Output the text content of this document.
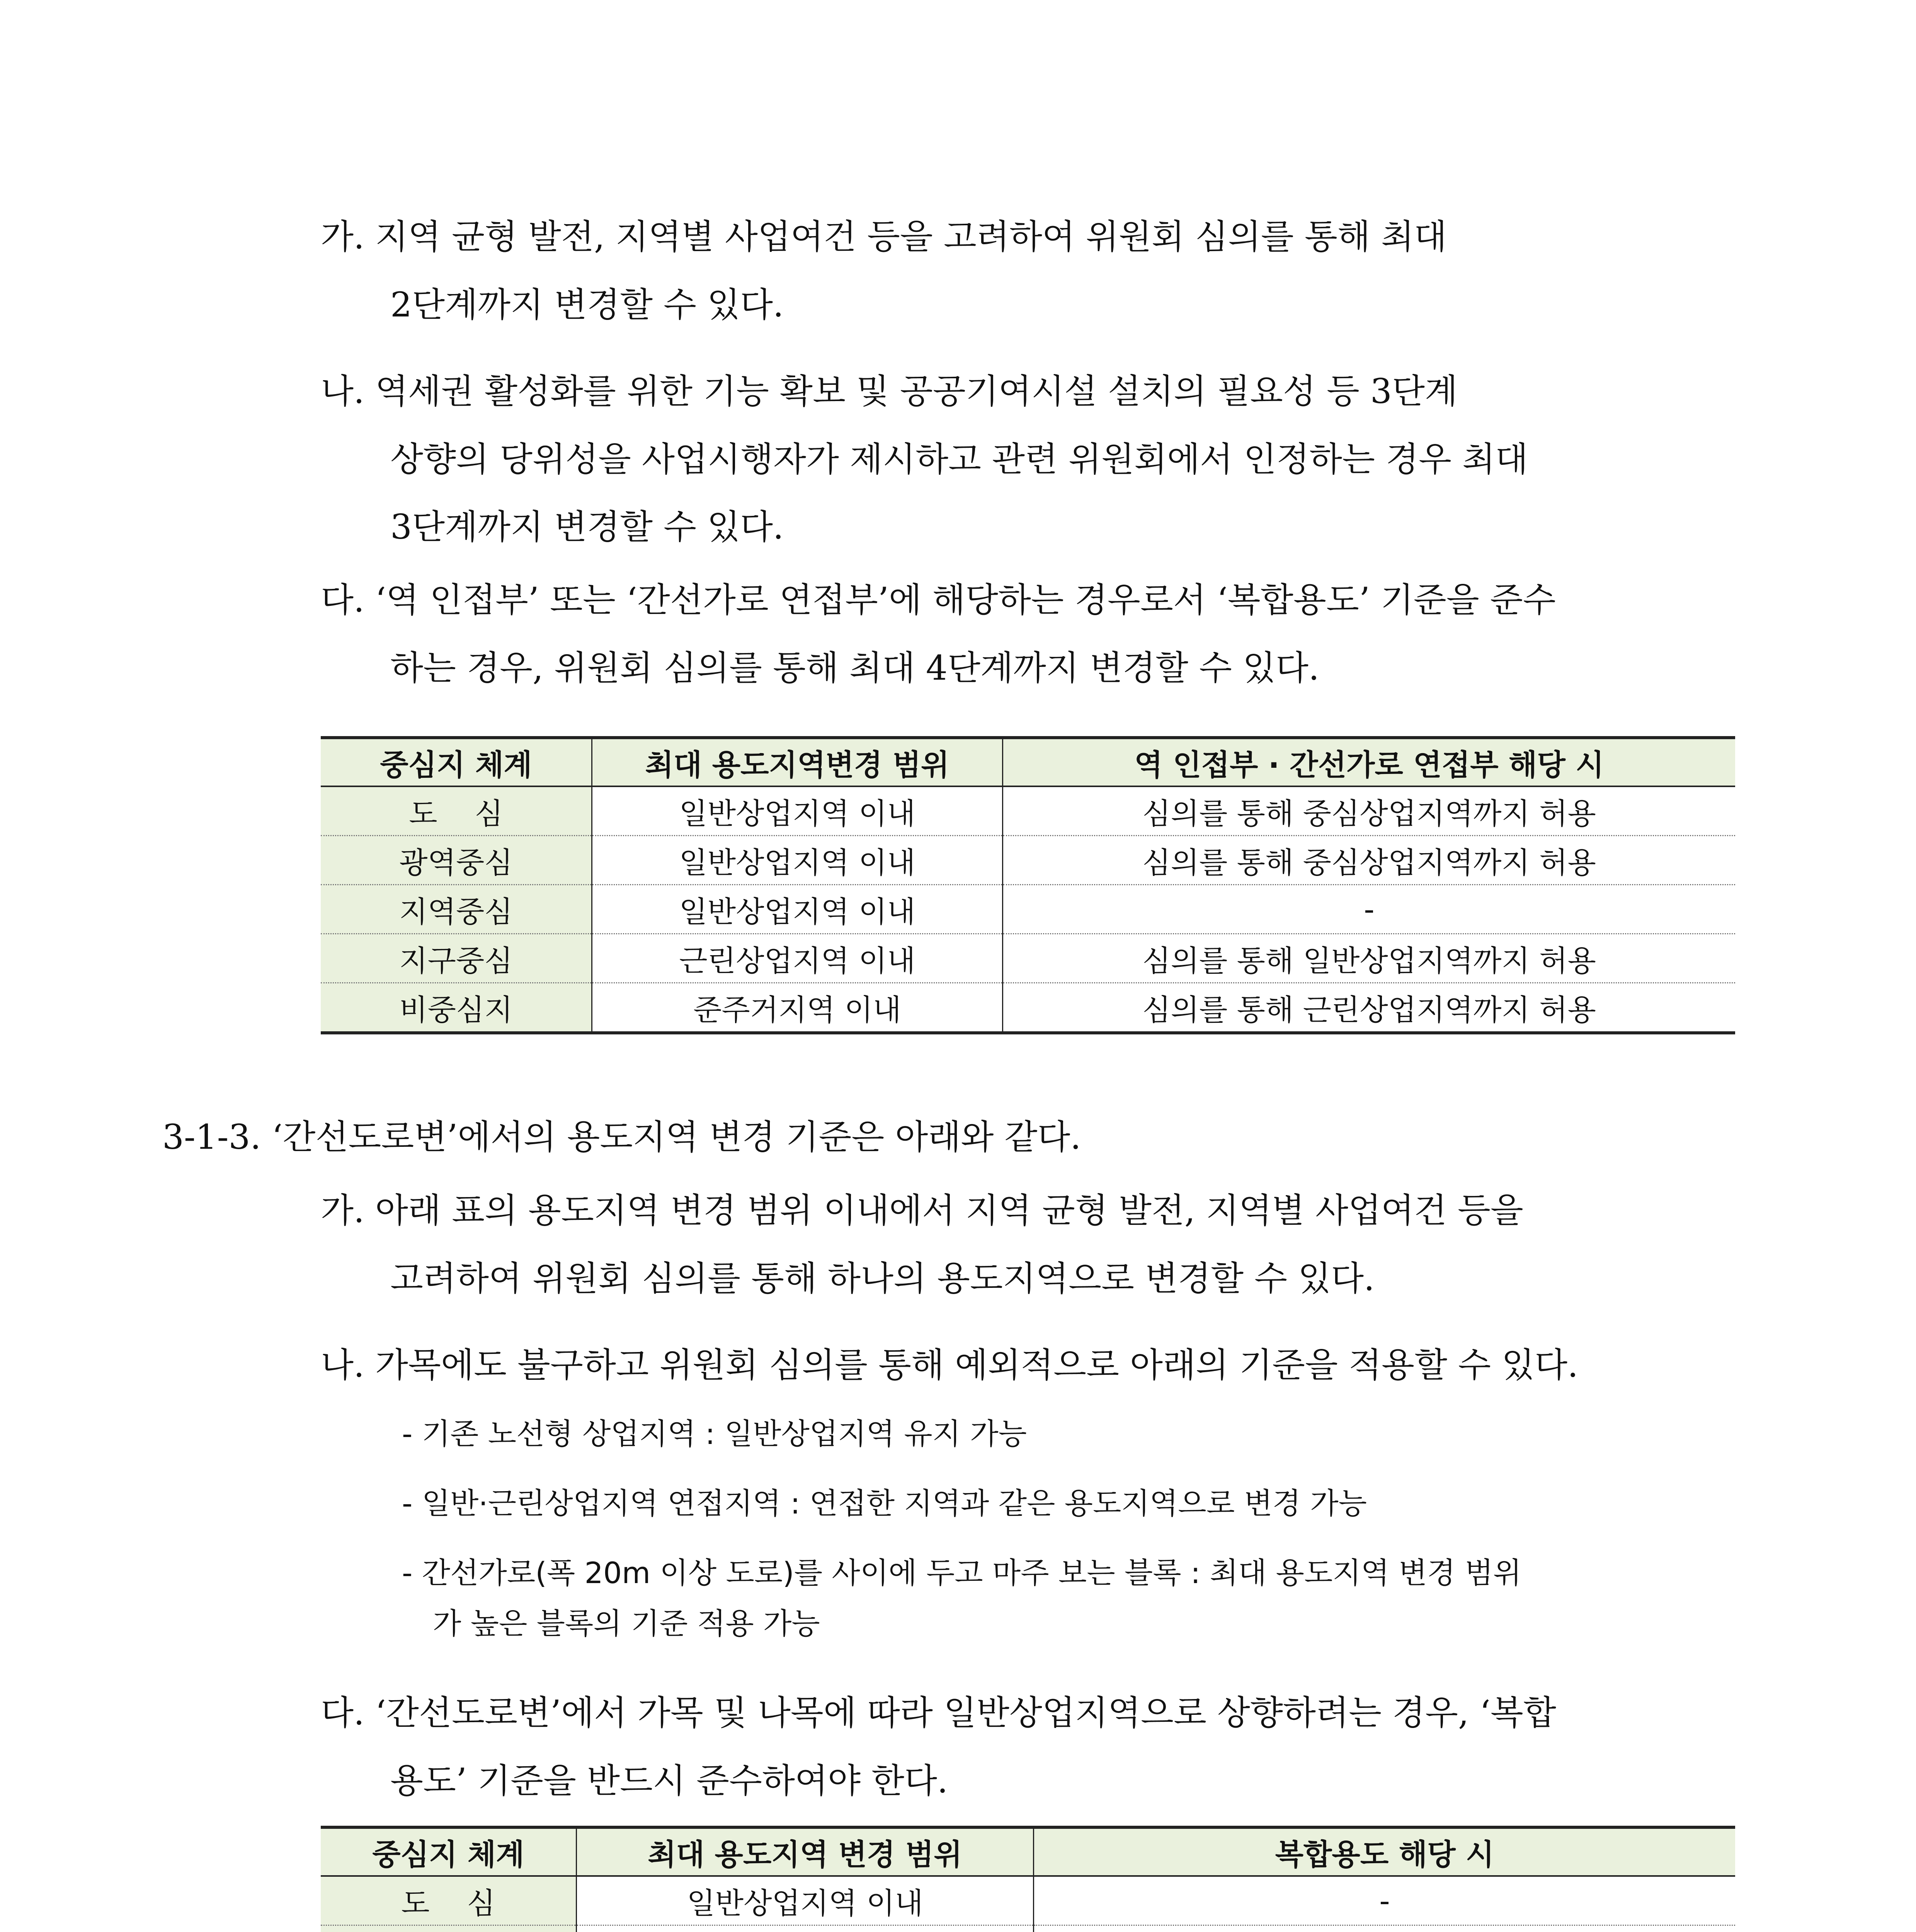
가. 지역 균형 발전, 지역별 사업여건 등을 고려하여 위원회 심의를 통해 최대
2단계까지 변경할 수 있다.
나. 역세권 활성화를 위한 기능 확보 및 공공기여시설 설치의 필요성 등 3단계
상향의 당위성을 사업시행자가 제시하고 관련 위원회에서 인정하는 경우 최대
3단계까지 변경할 수 있다.
다. ‘역 인접부’ 또는 ‘간선가로 연접부’에 해당하는 경우로서 ‘복합용도’ 기준을 준수
하는 경우, 위원회 심의를 통해 최대 4단계까지 변경할 수 있다.
중심지 체계	최대 용도지역변경 범위	역 인접부 · 간선가로 연접부 해당 시
도    심	일반상업지역 이내	심의를 통해 중심상업지역까지 허용
광역중심	일반상업지역 이내	심의를 통해 중심상업지역까지 허용
지역중심	일반상업지역 이내	-
지구중심	근린상업지역 이내	심의를 통해 일반상업지역까지 허용
비중심지	준주거지역 이내	심의를 통해 근린상업지역까지 허용
3-1-3. ‘간선도로변’에서의 용도지역 변경 기준은 아래와 같다.
가. 아래 표의 용도지역 변경 범위 이내에서 지역 균형 발전, 지역별 사업여건 등을
고려하여 위원회 심의를 통해 하나의 용도지역으로 변경할 수 있다.
나. 가목에도 불구하고 위원회 심의를 통해 예외적으로 아래의 기준을 적용할 수 있다.
- 기존 노선형 상업지역 : 일반상업지역 유지 가능
- 일반·근린상업지역 연접지역 : 연접한 지역과 같은 용도지역으로 변경 가능
- 간선가로(폭 20m 이상 도로)를 사이에 두고 마주 보는 블록 : 최대 용도지역 변경 범위
가 높은 블록의 기준 적용 가능
다. ‘간선도로변’에서 가목 및 나목에 따라 일반상업지역으로 상향하려는 경우, ‘복합
용도’ 기준을 반드시 준수하여야 한다.
중심지 체계	최대 용도지역 변경 범위	복합용도 해당 시
도    심	일반상업지역 이내	-
